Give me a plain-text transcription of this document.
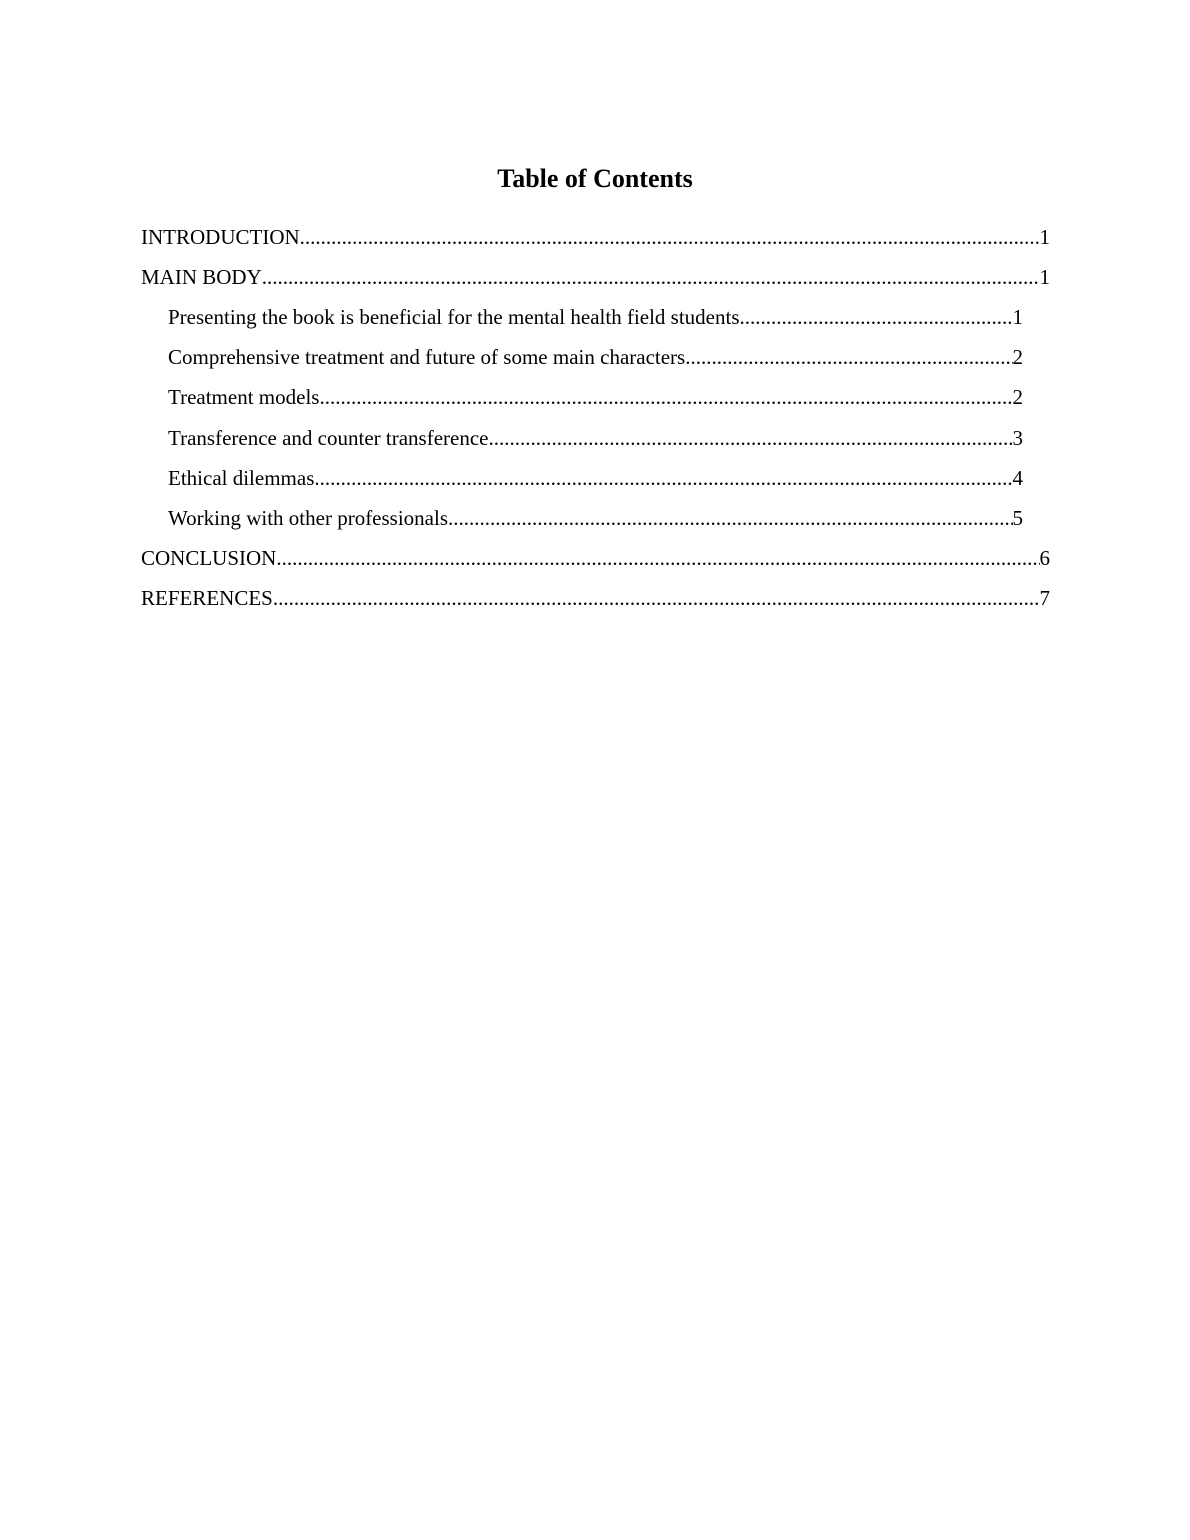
Table of Contents
INTRODUCTION .....	1
MAIN BODY .....	1
Presenting the book is beneficial for the mental health field students .....	1
Comprehensive treatment and future of some main characters .....	2
Treatment models .....	2
Transference and counter transference .....	3
Ethical dilemmas .....	4
Working with other professionals .....	5
CONCLUSION .....	6
REFERENCES .....	7
